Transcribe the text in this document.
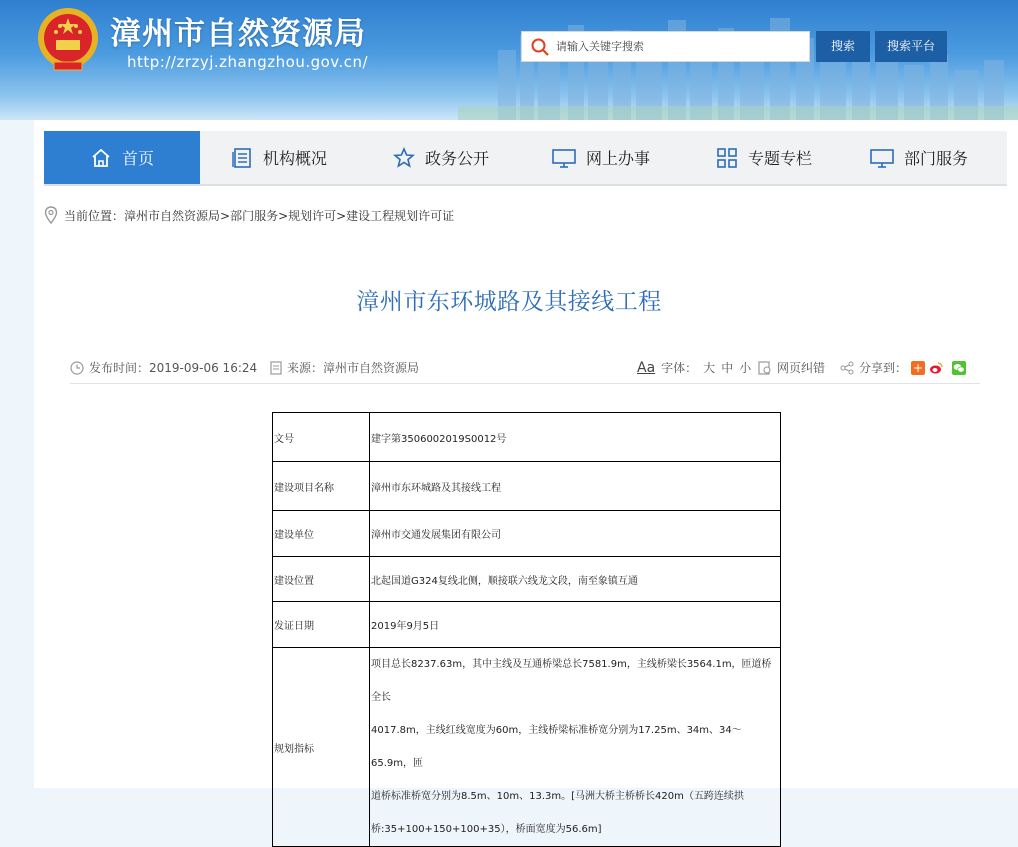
漳州市自然资源局
http://zrzyj.zhangzhou.gov.cn/
请输入关键字搜索
搜索	搜索平台
首页	机构概况	政务公开	网上办事	专题专栏	部门服务
当前位置： 漳州市自然资源局>部门服务>规划许可>建设工程规划许可证
漳州市东环城路及其接线工程
发布时间：2019-09-06 16:24 来源：漳州市自然资源局	Aa 字体： 大 中 小 网页纠错	分享到： +
文号	建字第3506002019S0012号
建设项目名称	漳州市东环城路及其接线工程
建设单位	漳州市交通发展集团有限公司
建设位置	北起国道G324复线北侧，顺接联六线龙文段，南至象镇互通
发证日期	2019年9月5日
规划指标	项目总长8237.63m，其中主线及互通桥梁总长7581.9m，主线桥梁长3564.1m，匝道桥全长
4017.8m，主线红线宽度为60m，主线桥梁标准桥宽分别为17.25m、34m、34～65.9m，匝
道桥标准桥宽分别为8.5m、10m、13.3m。[马洲大桥主桥桥长420m（五跨连续拱
桥:35+100+150+100+35），桥面宽度为56.6m]
